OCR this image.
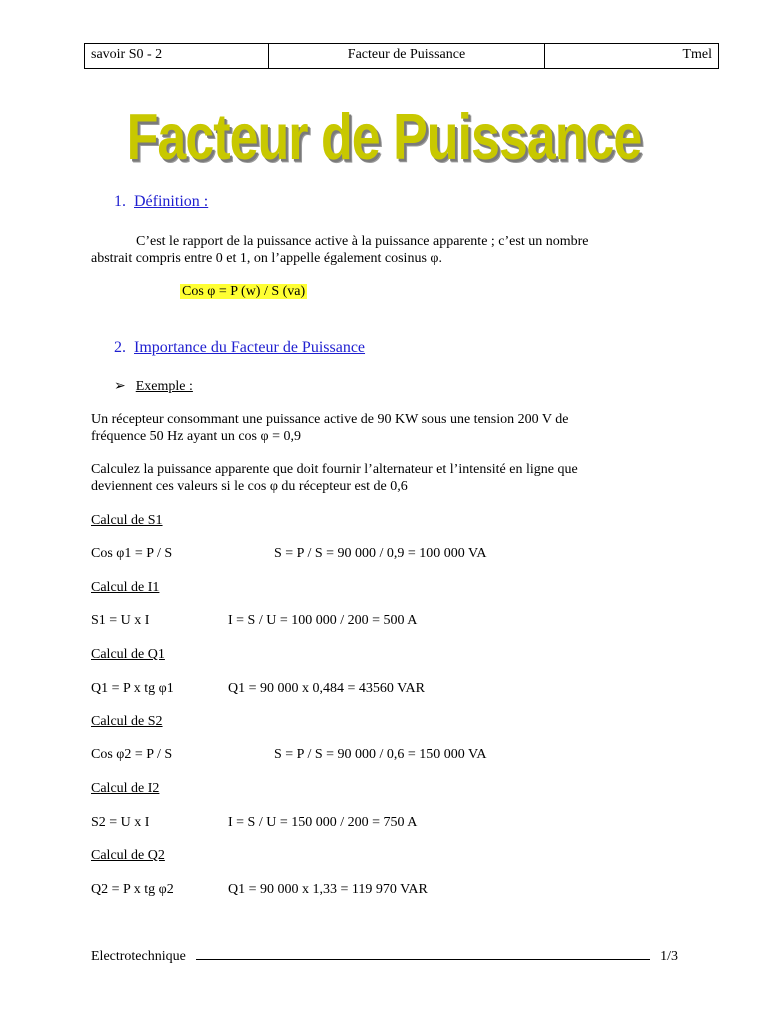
savoir S0 - 2	Facteur de Puissance	Tmel
Facteur de Puissance
1. Définition :
C’est le rapport de la puissance active à la puissance apparente ; c’est un nombre
abstrait compris entre 0 et 1, on l’appelle également cosinus φ.
Cos φ = P (w) / S (va)
2. Importance du Facteur de Puissance
➢ Exemple :
Un récepteur consommant une puissance active de 90 KW sous une tension 200 V de
fréquence 50 Hz ayant un cos φ = 0,9
Calculez la puissance apparente que doit fournir l’alternateur et l’intensité en ligne que
deviennent ces valeurs si le cos φ du récepteur est de 0,6
Calcul de S1
Cos φ1 = P / S	S = P / S = 90 000 / 0,9 = 100 000 VA
Calcul de I1
S1 = U x I	I = S / U = 100 000 / 200 = 500 A
Calcul de Q1
Q1 = P x tg φ1	Q1 = 90 000 x 0,484 = 43560 VAR
Calcul de S2
Cos φ2 = P / S	S = P / S = 90 000 / 0,6 = 150 000 VA
Calcul de I2
S2 = U x I	I = S / U = 150 000 / 200 = 750 A
Calcul de Q2
Q2 = P x tg φ2	Q1 = 90 000 x 1,33 = 119 970 VAR
Electrotechnique	1/3
